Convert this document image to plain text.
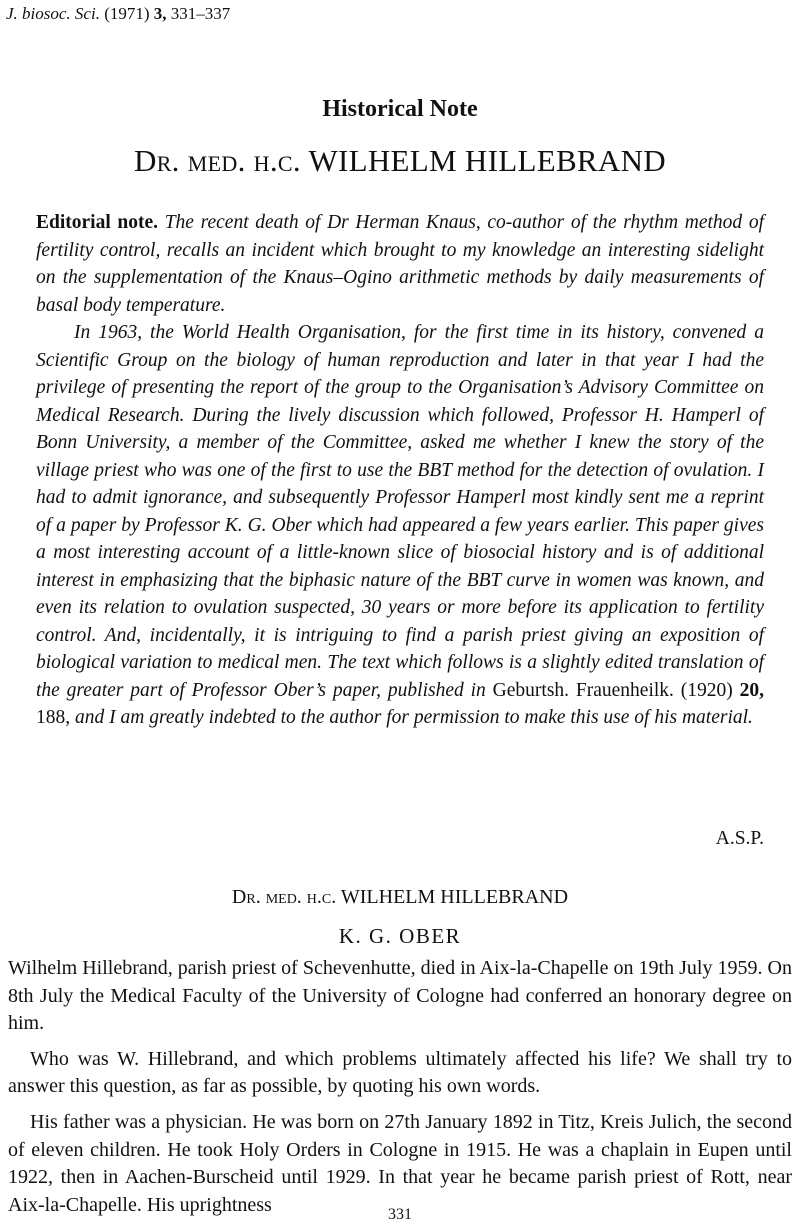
J. biosoc. Sci. (1971) 3, 331–337
Historical Note
Dr. med. h.c. WILHELM HILLEBRAND

Editorial note. The recent death of Dr Herman Knaus, co-author of the rhythm method of fertility control, recalls an incident which brought to my knowledge an interesting sidelight on the supplementation of the Knaus–Ogino arithmetic methods by daily measurements of basal body temperature.

In 1963, the World Health Organisation, for the first time in its history, convened a Scientific Group on the biology of human reproduction and later in that year I had the privilege of presenting the report of the group to the Organisation’s Advisory Committee on Medical Research. During the lively discussion which followed, Professor H. Hamperl of Bonn University, a member of the Committee, asked me whether I knew the story of the village priest who was one of the first to use the BBT method for the detection of ovulation. I had to admit ignorance, and subsequently Professor Hamperl most kindly sent me a reprint of a paper by Professor K. G. Ober which had appeared a few years earlier. This paper gives a most interesting account of a little-known slice of biosocial history and is of additional interest in emphasizing that the biphasic nature of the BBT curve in women was known, and even its relation to ovulation suspected, 30 years or more before its application to fertility control. And, incidentally, it is intriguing to find a parish priest giving an exposition of biological variation to medical men. The text which follows is a slightly edited translation of the greater part of Professor Ober’s paper, published in Geburtsh. Frauenheilk. (1920) 20, 188, and I am greatly indebted to the author for permission to make this use of his material.

A.S.P.
Dr. med. h.c. WILHELM HILLEBRAND
K. G. OBER

Wilhelm Hillebrand, parish priest of Schevenhutte, died in Aix-la-Chapelle on 19th July 1959. On 8th July the Medical Faculty of the University of Cologne had conferred an honorary degree on him.

Who was W. Hillebrand, and which problems ultimately affected his life? We shall try to answer this question, as far as possible, by quoting his own words.

His father was a physician. He was born on 27th January 1892 in Titz, Kreis Julich, the second of eleven children. He took Holy Orders in Cologne in 1915. He was a chaplain in Eupen until 1922, then in Aachen-Burscheid until 1929. In that year he became parish priest of Rott, near Aix-la-Chapelle. His uprightness	331
